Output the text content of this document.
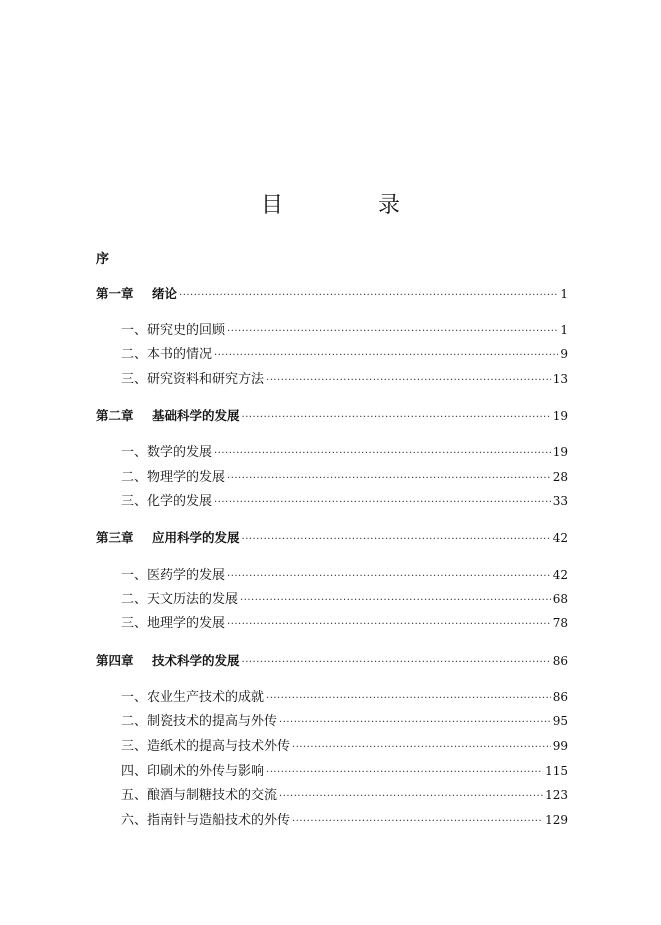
目 录
序
第一章	绪论 ·····	1
一、研究史的回顾 ·····	1
二、本书的情况 ·····	9
三、研究资料和研究方法 ·····	13
第二章	基础科学的发展 ·····	19
一、数学的发展 ·····	19
二、物理学的发展 ·····	28
三、化学的发展 ·····	33
第三章	应用科学的发展 ·····	42
一、医药学的发展 ·····	42
二、天文历法的发展 ·····	68
三、地理学的发展 ·····	78
第四章	技术科学的发展 ·····	86
一、农业生产技术的成就 ·····	86
二、制瓷技术的提高与外传 ·····	95
三、造纸术的提高与技术外传 ·····	99
四、印刷术的外传与影响 ·····	115
五、酿酒与制糖技术的交流 ·····	123
六、指南针与造船技术的外传 ·····	129
